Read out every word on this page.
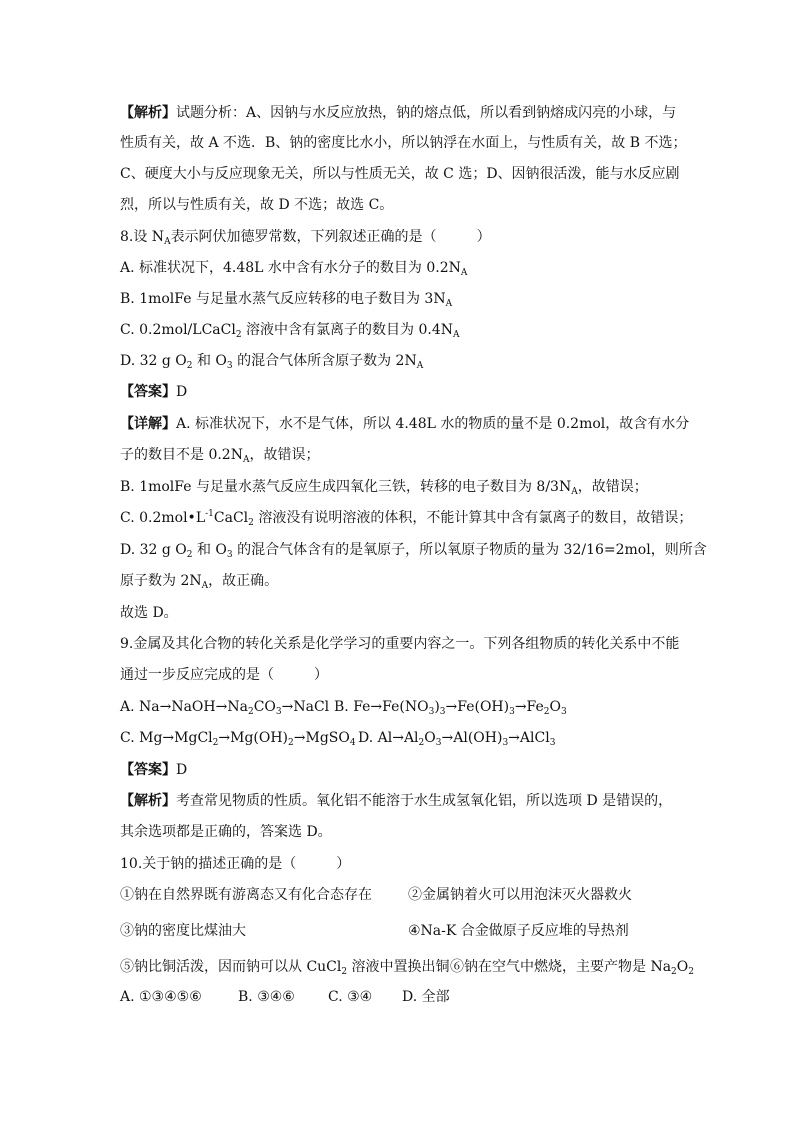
【解析】试题分析：A、因钠与水反应放热，钠的熔点低，所以看到钠熔成闪亮的小球，与

性质有关，故 A 不选．B、钠的密度比水小，所以钠浮在水面上，与性质有关，故 B 不选；

C、硬度大小与反应现象无关，所以与性质无关，故 C 选；D、因钠很活泼，能与水反应剧

烈，所以与性质有关，故 D 不选；故选 C。

8.设 $N_A$表示阿伏加德罗常数，下列叙述正确的是（	）

A. 标准状况下，4.48L 水中含有水分子的数目为 $0.2N_A$

B. 1molFe 与足量水蒸气反应转移的电子数目为 $3N_A$

C. 0.2mol/LCaCl$_2$ 溶液中含有氯离子的数目为 $0.4N_A$

D. 32 g $O_2$ 和 $O_3$ 的混合气体所含原子数为 $2N_A$

【答案】D

【详解】A. 标准状况下，水不是气体，所以 4.48L 水的物质的量不是 0.2mol，故含有水分

子的数目不是 $0.2N_A$，故错误；

B. 1molFe 与足量水蒸气反应生成四氧化三铁，转移的电子数目为 $8/3N_A$，故错误；

C. $0.2mol•L^{-1}CaCl_2$ 溶液没有说明溶液的体积，不能计算其中含有氯离子的数目，故错误；

D. 32 g $O_2$ 和 $O_3$ 的混合气体含有的是氧原子，所以氧原子物质的量为 32/16=2mol，则所含

原子数为 $2N_A$，故正确。

故选 D。

9.金属及其化合物的转化关系是化学学习的重要内容之一。下列各组物质的转化关系中不能

通过一步反应完成的是（	）

A. $Na\to NaOH\to Na_2CO_3\to NaCl$ B. $Fe\to Fe(NO_3)_3\to Fe(OH)_3\to Fe_2O_3$
C. $Mg\to MgCl_2\to Mg(OH)_2\to MgSO_4$ D. $Al\to Al_2O_3\to Al(OH)_3\to AlCl_3$

【答案】D

【解析】考查常见物质的性质。氧化铝不能溶于水生成氢氧化铝，所以选项 D 是错误的，

其余选项都是正确的，答案选 D。

10.关于钠的描述正确的是（	）

①钠在自然界既有游离态又有化合态存在	②金属钠着火可以用泡沫灭火器救火
③钠的密度比煤油大	④Na-K 合金做原子反应堆的导热剂
⑤钠比铜活泼，因而钠可以从 CuCl$_2$ 溶液中置换出铜 ⑥钠在空气中燃烧，主要产物是 $Na_2O_2$
A. ①③④⑤⑥	B. ③④⑥ C. ③④ D. 全部
